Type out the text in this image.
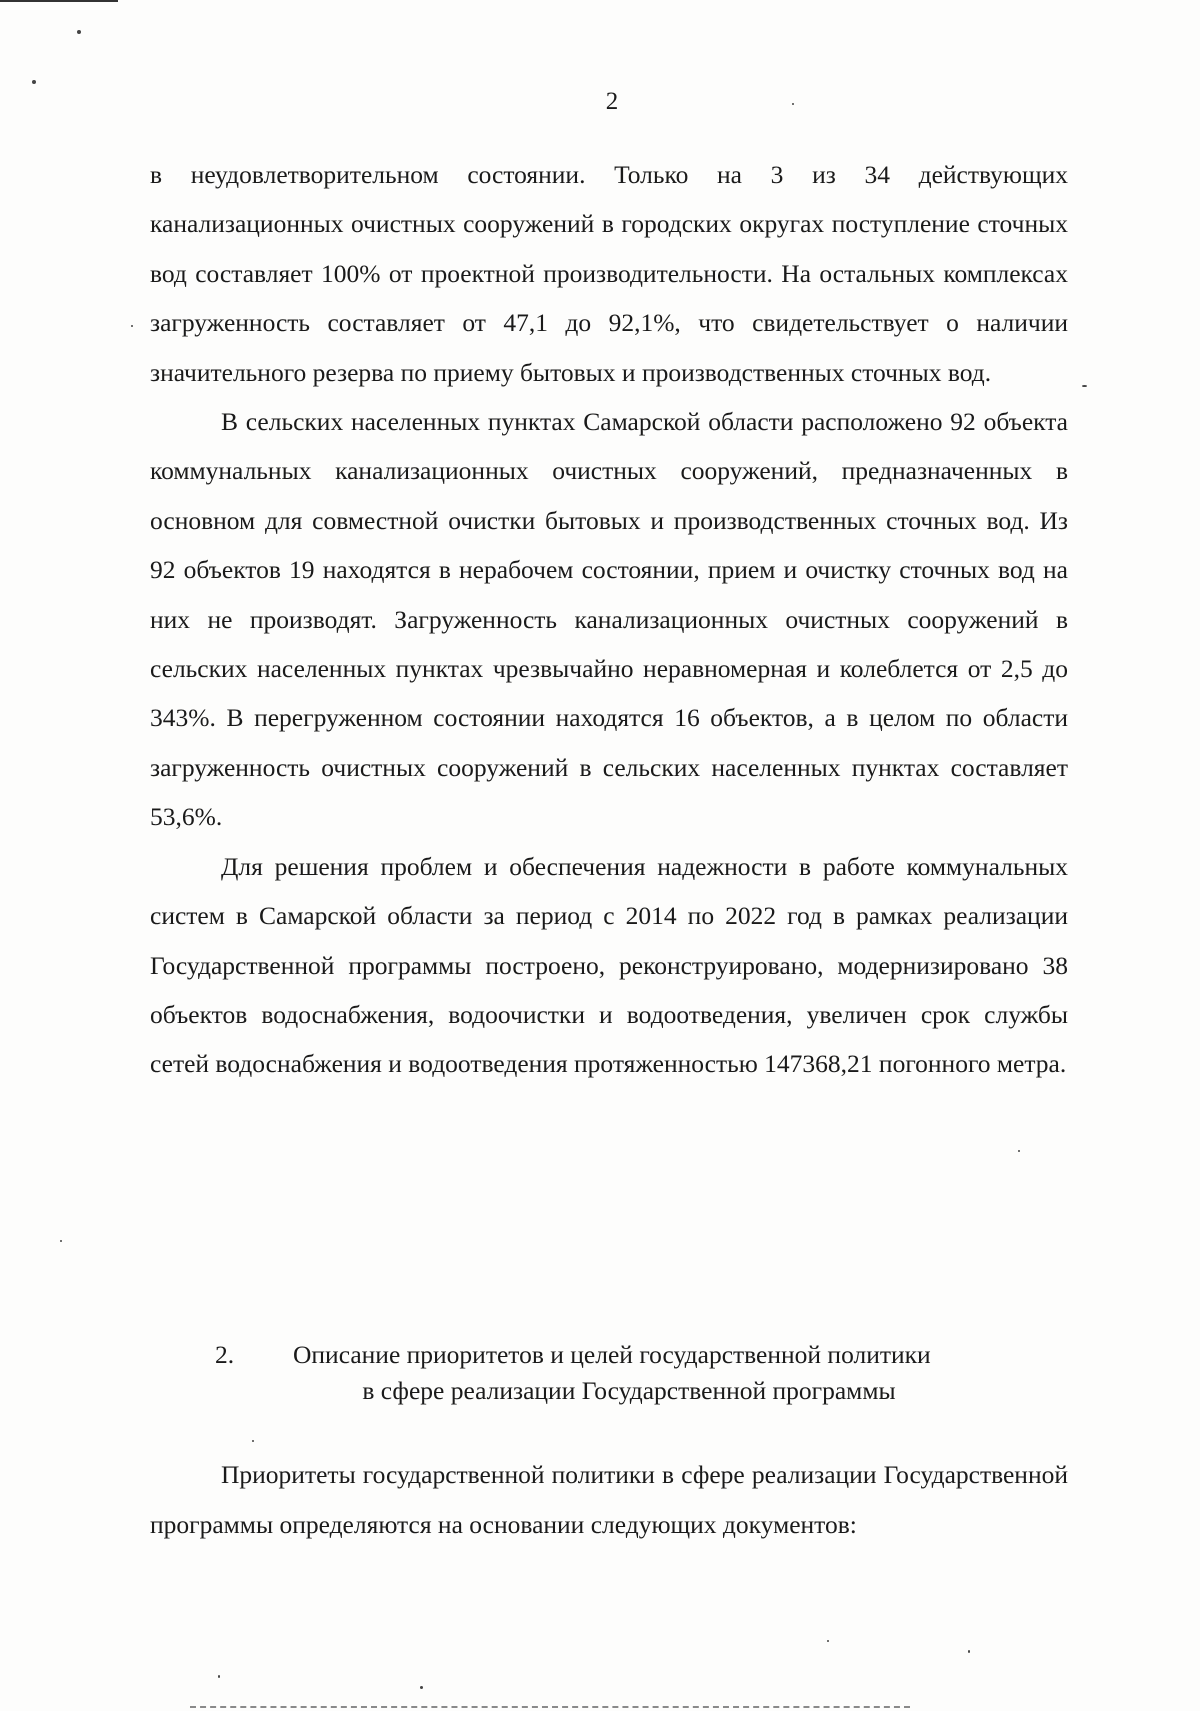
2

в неудовлетворительном состоянии. Только на 3 из 34 действующих канализационных очистных сооружений в городских округах поступление сточных вод составляет 100% от проектной производительности. На остальных комплексах загруженность составляет от 47,1 до 92,1%, что свидетельствует о наличии значительного резерва по приему бытовых и производственных сточных вод.

В сельских населенных пунктах Самарской области расположено 92 объекта коммунальных канализационных очистных сооружений, предназначенных в основном для совместной очистки бытовых и производственных сточных вод. Из 92 объектов 19 находятся в нерабочем состоянии, прием и очистку сточных вод на них не производят. Загруженность канализационных очистных сооружений в сельских населенных пунктах чрезвычайно неравномерная и колеблется от 2,5 до 343%. В перегруженном состоянии находятся 16 объектов, а в целом по области загруженность очистных сооружений в сельских населенных пунктах составляет 53,6%.

Для решения проблем и обеспечения надежности в работе коммунальных систем в Самарской области за период с 2014 по 2022 год в рамках реализации Государственной программы построено, реконструировано, модернизировано 38 объектов водоснабжения, водоочистки и водоотведения, увеличен срок службы сетей водоснабжения и водоотведения протяженностью 147368,21 погонного метра.

2. Описание приоритетов и целей государственной политики
в сфере реализации Государственной программы

Приоритеты государственной политики в сфере реализации Государственной программы определяются на основании следующих документов:
